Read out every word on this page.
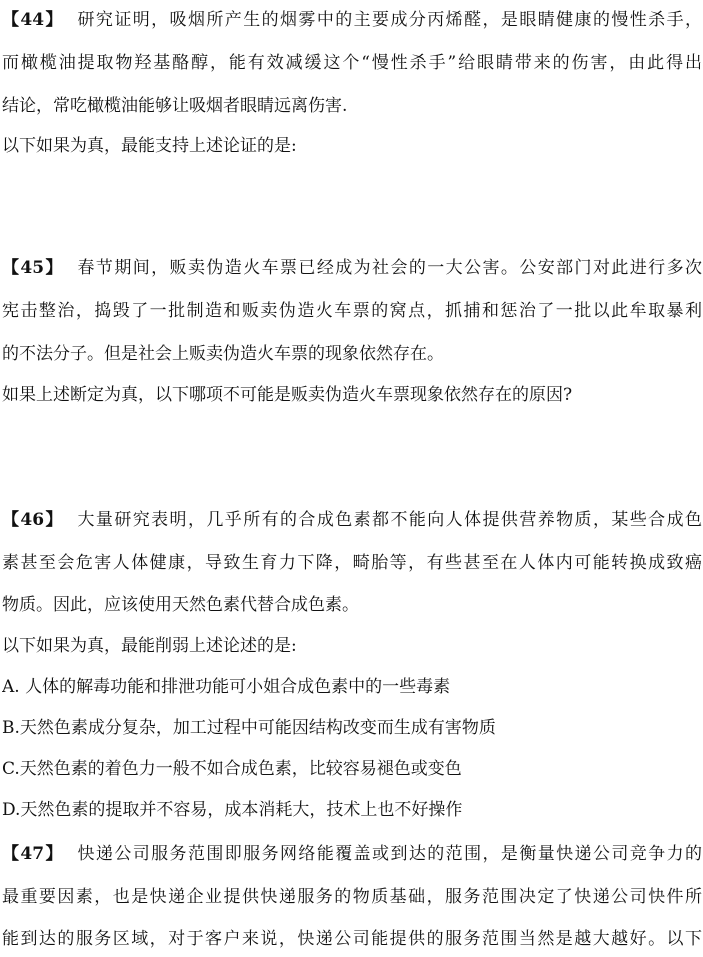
【44】 研究证明，吸烟所产生的烟雾中的主要成分丙烯醛，是眼睛健康的慢性杀手，
而橄榄油提取物羟基酪醇，能有效减缓这个“慢性杀手”给眼睛带来的伤害，由此得出
结论，常吃橄榄油能够让吸烟者眼睛远离伤害.
以下如果为真，最能支持上述论证的是:
【45】 春节期间，贩卖伪造火车票已经成为社会的一大公害。公安部门对此进行多次
宪击整治，捣毁了一批制造和贩卖伪造火车票的窝点，抓捕和惩治了一批以此牟取暴利
的不法分子。但是社会上贩卖伪造火车票的现象依然存在。
如果上述断定为真，以下哪项不可能是贩卖伪造火车票现象依然存在的原因?
【46】 大量研究表明，几乎所有的合成色素都不能向人体提供营养物质，某些合成色
素甚至会危害人体健康，导致生育力下降，畸胎等，有些甚至在人体内可能转换成致癌
物质。因此，应该使用天然色素代替合成色素。
以下如果为真，最能削弱上述论述的是:
A. 人体的解毒功能和排泄功能可小姐合成色素中的一些毒素
B.天然色素成分复杂，加工过程中可能因结构改变而生成有害物质
C.天然色素的着色力一般不如合成色素，比较容易褪色或变色
D.天然色素的提取并不容易，成本消耗大，技术上也不好操作
【47】 快递公司服务范围即服务网络能覆盖或到达的范围，是衡量快递公司竞争力的
最重要因素，也是快递企业提供快递服务的物质基础，服务范围决定了快递公司快件所
能到达的服务区域，对于客户来说，快递公司能提供的服务范围当然是越大越好。以下
